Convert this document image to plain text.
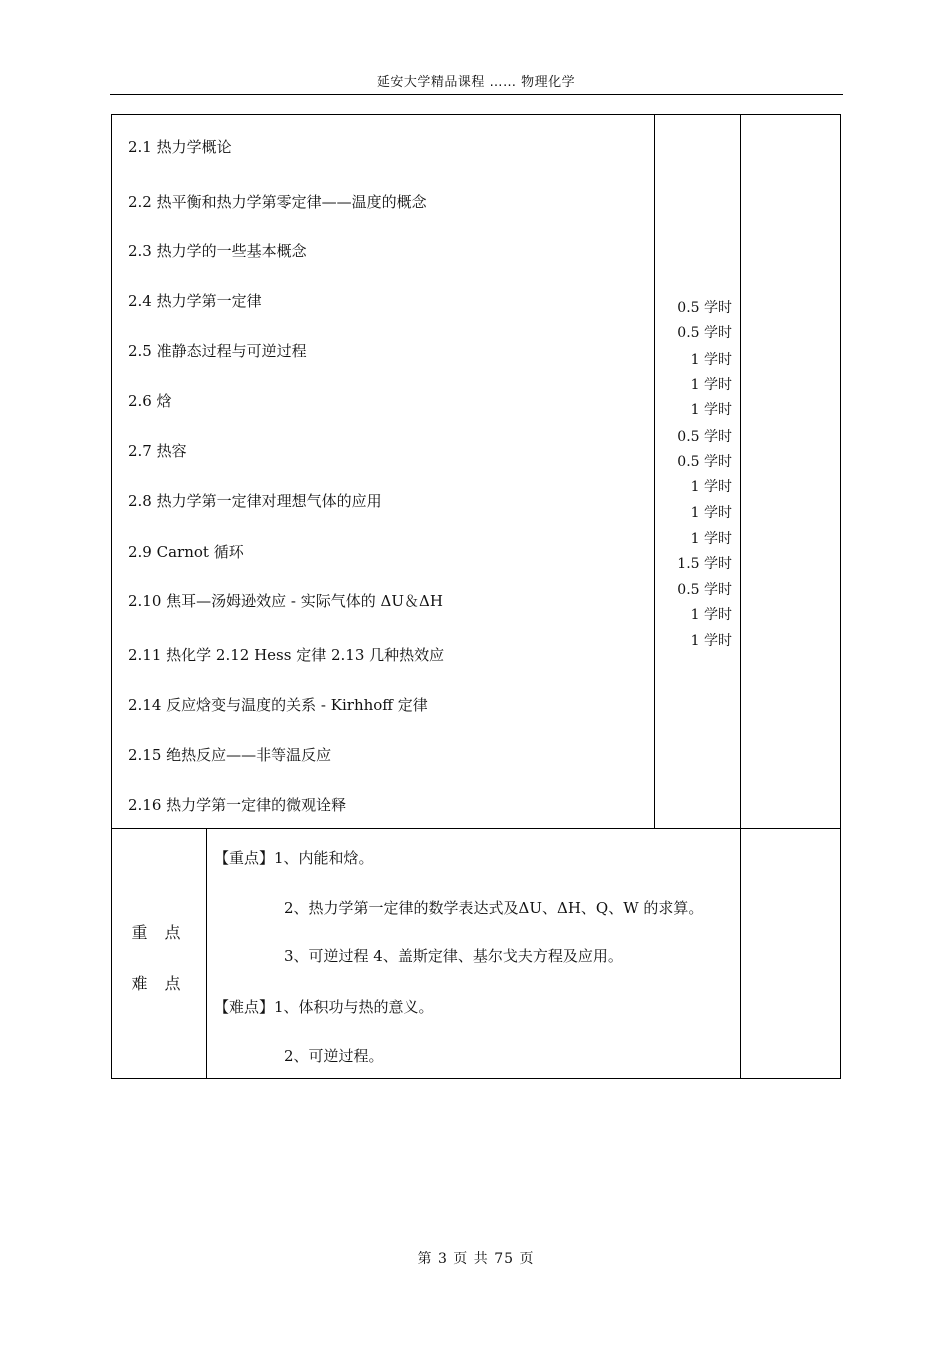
延安大学精品课程 …… 物理化学
2.1 热力学概论
2.2 热平衡和热力学第零定律——温度的概念
2.3 热力学的一些基本概念
2.4 热力学第一定律
2.5 准静态过程与可逆过程
2.6 焓
2.7 热容
2.8 热力学第一定律对理想气体的应用
2.9 Carnot 循环
2.10 焦耳—汤姆逊效应 - 实际气体的 ΔU＆ΔH
2.11 热化学 2.12 Hess 定律 2.13 几种热效应
2.14 反应焓变与温度的关系 - Kirhhoff 定律
2.15 绝热反应——非等温反应
2.16 热力学第一定律的微观诠释
0.5 学时
0.5 学时
1 学时
1 学时
1 学时
0.5 学时
0.5 学时
1 学时
1 学时
1 学时
1.5 学时
0.5 学时
1 学时
1 学时
重 点
难 点
【重点】1、内能和焓。
2、热力学第一定律的数学表达式及ΔU、ΔH、Q、W 的求算。
3、可逆过程 4、盖斯定律、基尔戈夫方程及应用。
【难点】1、体积功与热的意义。
2、可逆过程。
第 3 页 共 75 页
